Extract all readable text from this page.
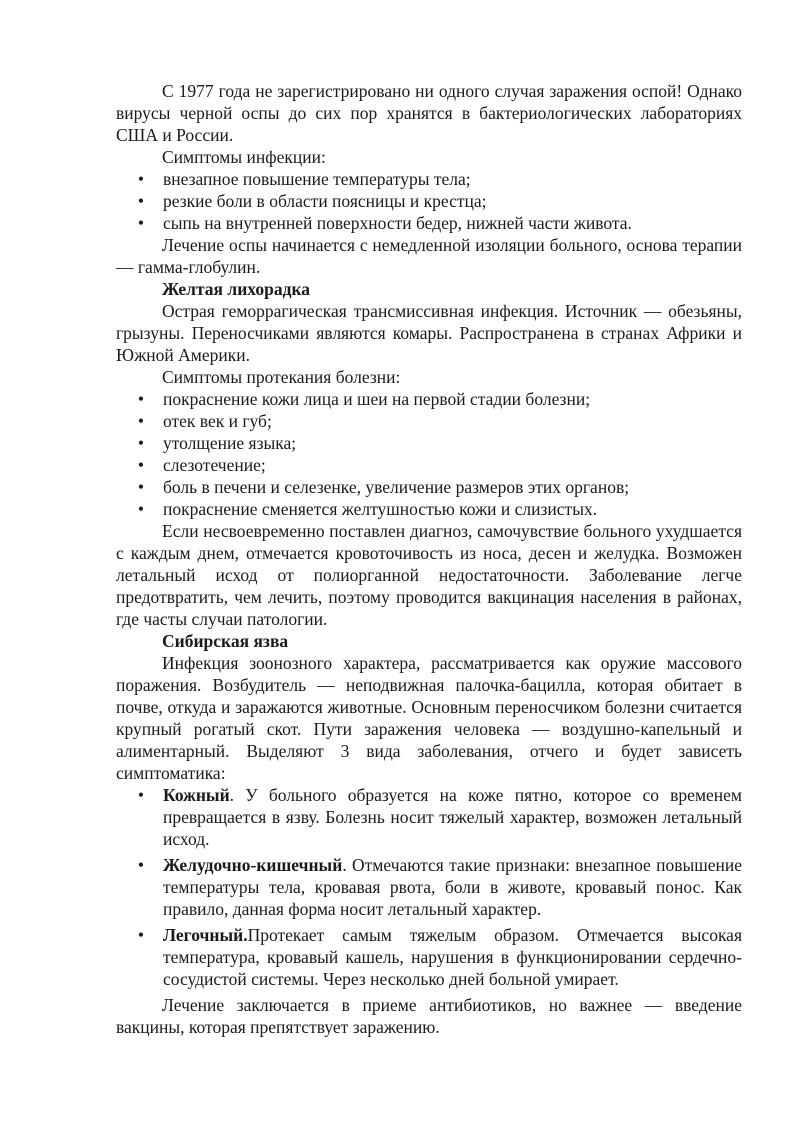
С 1977 года не зарегистрировано ни одного случая заражения оспой! Однако вирусы черной оспы до сих пор хранятся в бактериологических лабораториях США и России.

Симптомы инфекции:

• внезапное повышение температуры тела;
• резкие боли в области поясницы и крестца;
• сыпь на внутренней поверхности бедер, нижней части живота.

Лечение оспы начинается с немедленной изоляции больного, основа терапии — гамма-глобулин.

Желтая лихорадка

Острая геморрагическая трансмиссивная инфекция. Источник — обезьяны, грызуны. Переносчиками являются комары. Распространена в странах Африки и Южной Америки.

Симптомы протекания болезни:

• покраснение кожи лица и шеи на первой стадии болезни;
• отек век и губ;
• утолщение языка;
• слезотечение;
• боль в печени и селезенке, увеличение размеров этих органов;
• покраснение сменяется желтушностью кожи и слизистых.

Если несвоевременно поставлен диагноз, самочувствие больного ухудшается с каждым днем, отмечается кровоточивость из носа, десен и желудка. Возможен летальный исход от полиорганной недостаточности. Заболевание легче предотвратить, чем лечить, поэтому проводится вакцинация населения в районах, где часты случаи патологии.

Сибирская язва

Инфекция зоонозного характера, рассматривается как оружие массового поражения. Возбудитель — неподвижная палочка-бацилла, которая обитает в почве, откуда и заражаются животные. Основным переносчиком болезни считается крупный рогатый скот. Пути заражения человека — воздушно-капельный и алиментарный. Выделяют 3 вида заболевания, отчего и будет зависеть симптоматика:

• Кожный. У больного образуется на коже пятно, которое со временем превращается в язву. Болезнь носит тяжелый характер, возможен летальный исход.
• Желудочно-кишечный. Отмечаются такие признаки: внезапное повышение температуры тела, кровавая рвота, боли в животе, кровавый понос. Как правило, данная форма носит летальный характер.
• Легочный.Протекает самым тяжелым образом. Отмечается высокая температура, кровавый кашель, нарушения в функционировании сердечно-сосудистой системы. Через несколько дней больной умирает.

Лечение заключается в приеме антибиотиков, но важнее — введение вакцины, которая препятствует заражению.
